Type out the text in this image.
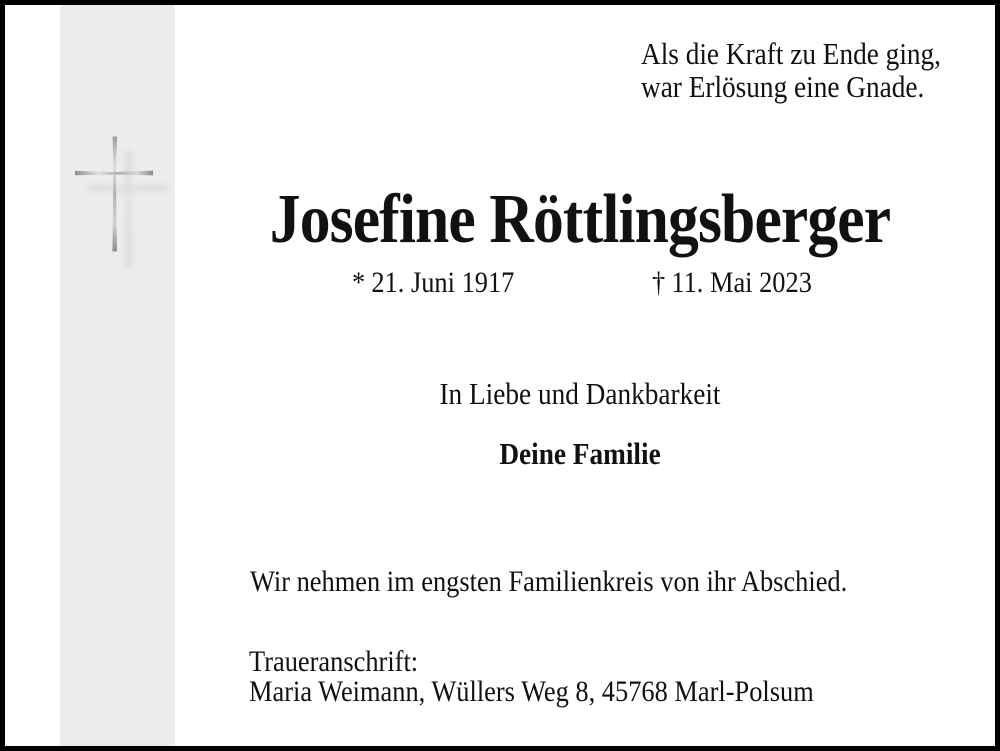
Als die Kraft zu Ende ging,
war Erlösung eine Gnade.
Josefine Röttlingsberger
* 21. Juni 1917	† 11. Mai 2023
In Liebe und Dankbarkeit
Deine Familie
Wir nehmen im engsten Familienkreis von ihr Abschied.
Traueranschrift:
Maria Weimann, Wüllers Weg 8, 45768 Marl-Polsum
